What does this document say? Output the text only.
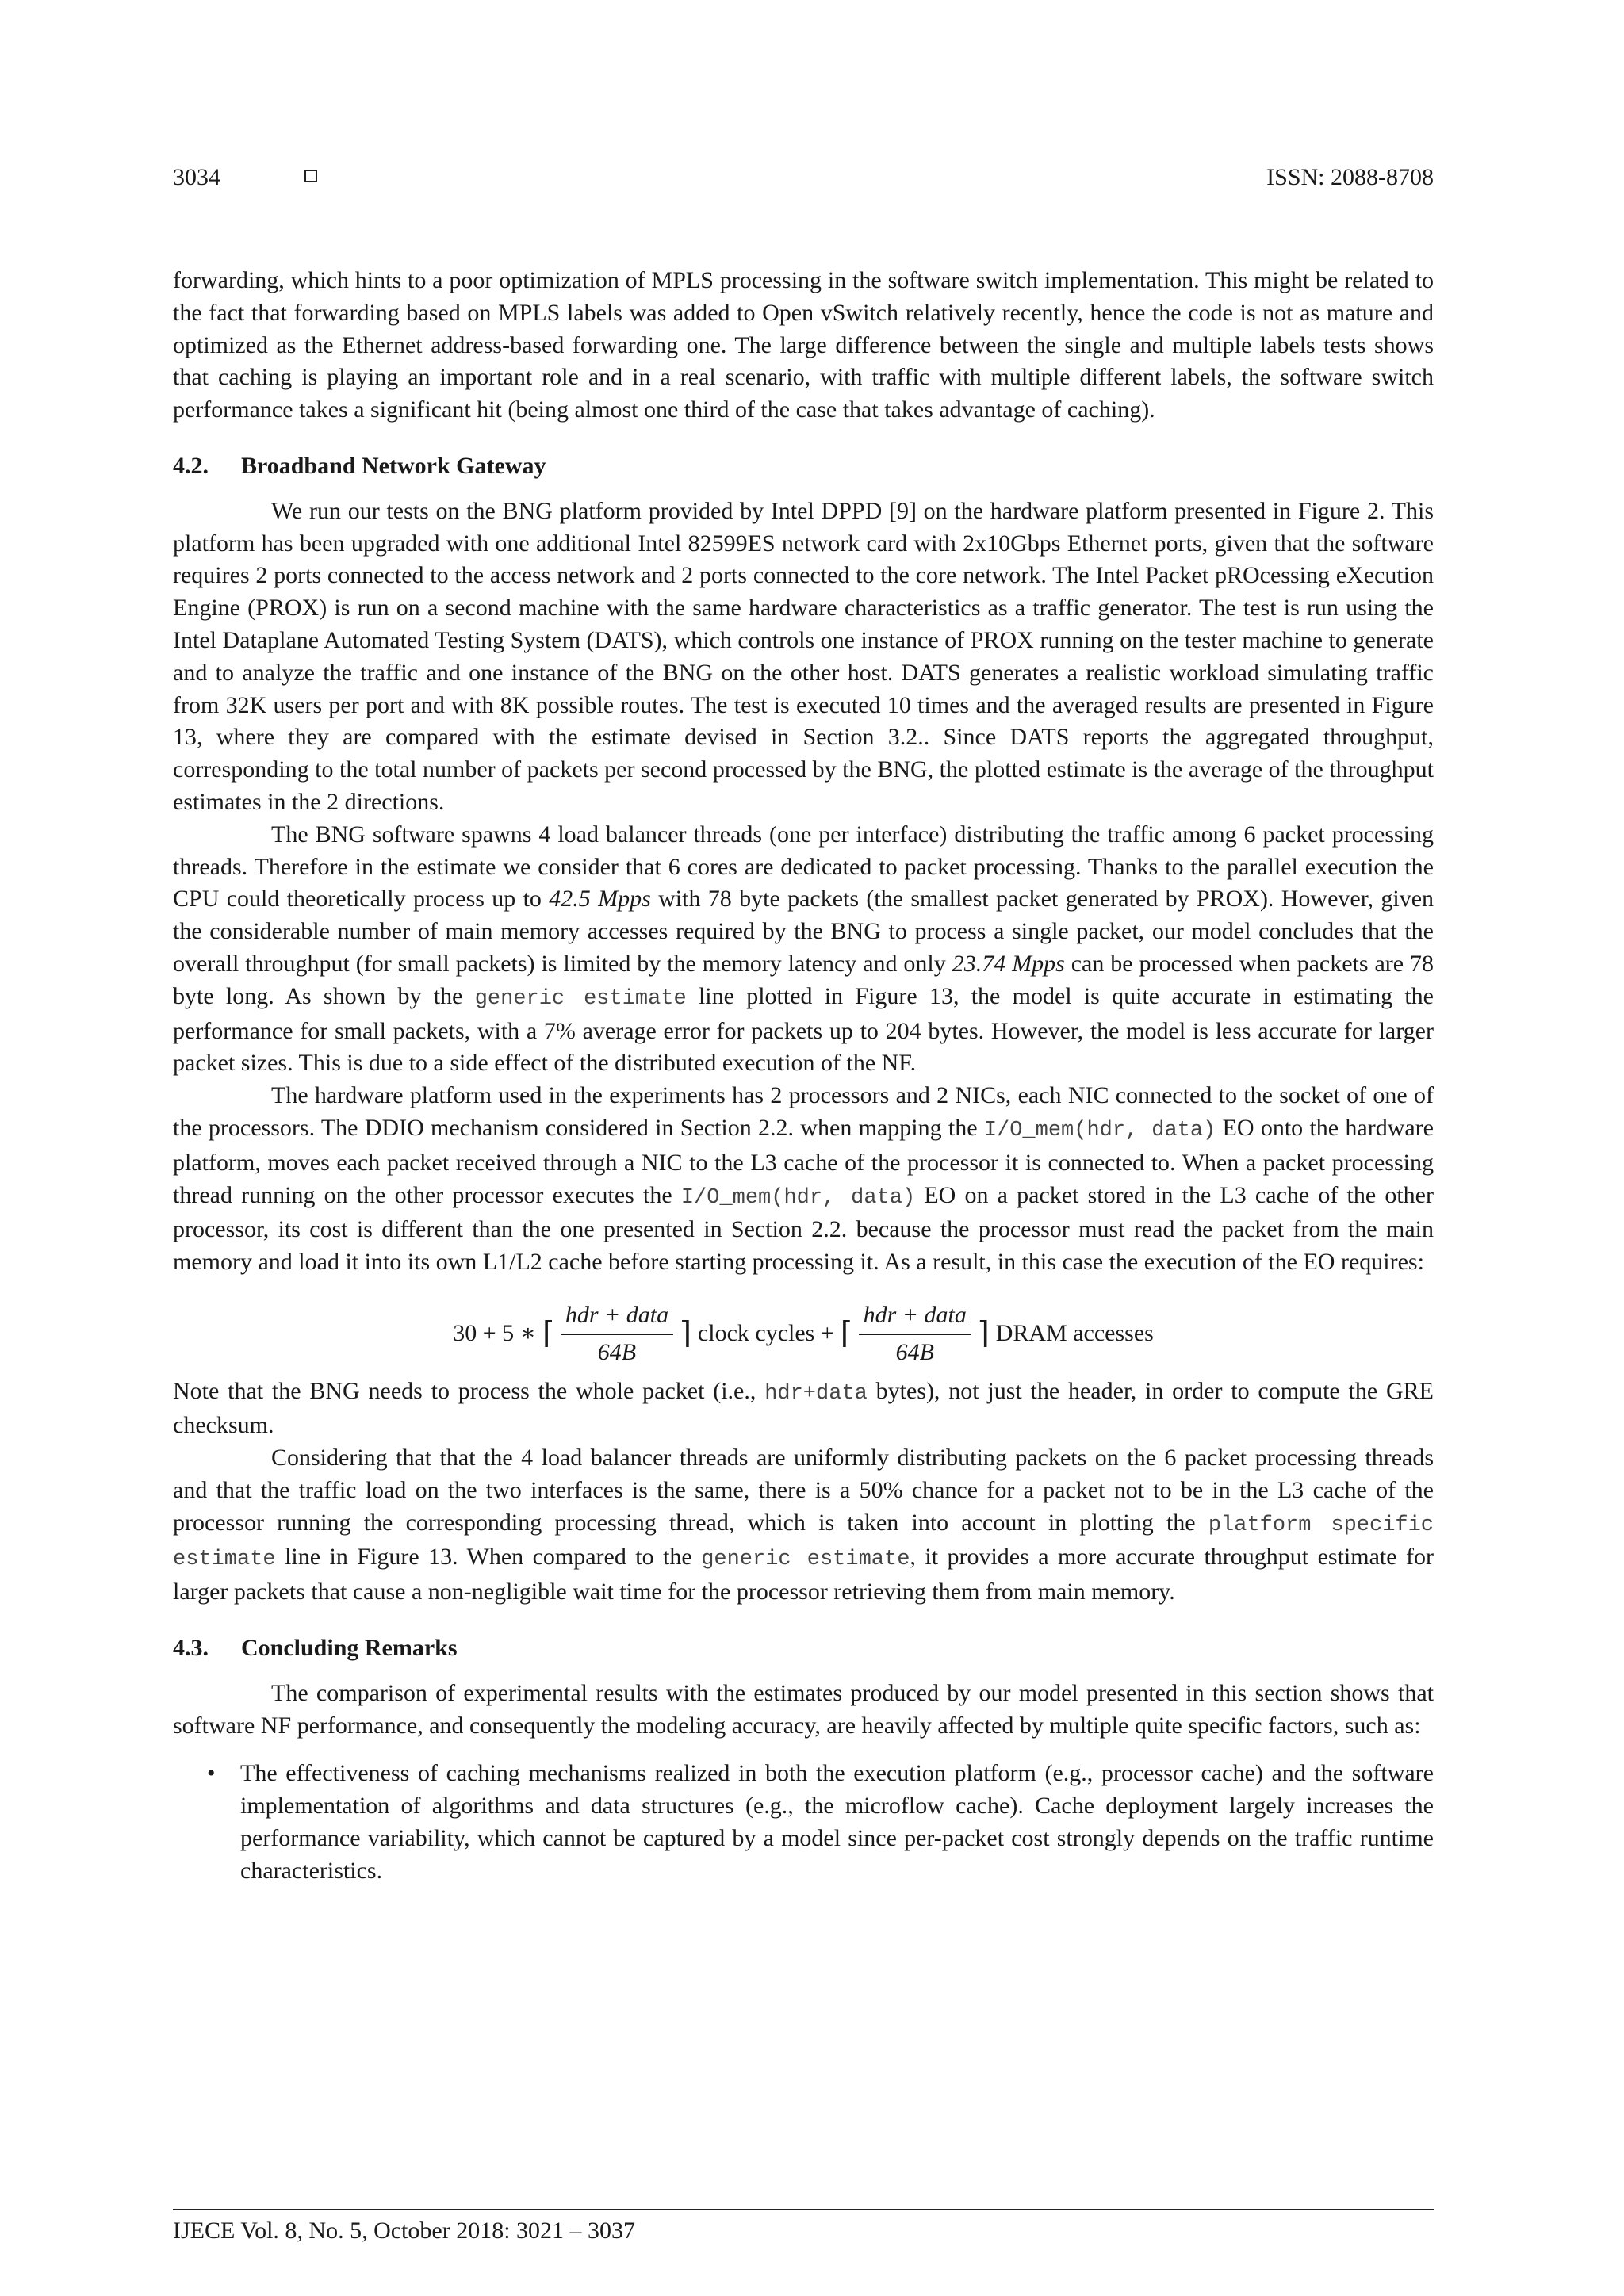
3034	ISSN: 2088-8708

forwarding, which hints to a poor optimization of MPLS processing in the software switch implementation. This might be related to the fact that forwarding based on MPLS labels was added to Open vSwitch relatively recently, hence the code is not as mature and optimized as the Ethernet address-based forwarding one. The large difference between the single and multiple labels tests shows that caching is playing an important role and in a real scenario, with traffic with multiple different labels, the software switch performance takes a significant hit (being almost one third of the case that takes advantage of caching).

4.2. Broadband Network Gateway

We run our tests on the BNG platform provided by Intel DPPD [9] on the hardware platform presented in Figure 2. This platform has been upgraded with one additional Intel 82599ES network card with 2x10Gbps Ethernet ports, given that the software requires 2 ports connected to the access network and 2 ports connected to the core network. The Intel Packet pROcessing eXecution Engine (PROX) is run on a second machine with the same hardware characteristics as a traffic generator. The test is run using the Intel Dataplane Automated Testing System (DATS), which controls one instance of PROX running on the tester machine to generate and to analyze the traffic and one instance of the BNG on the other host. DATS generates a realistic workload simulating traffic from 32K users per port and with 8K possible routes. The test is executed 10 times and the averaged results are presented in Figure 13, where they are compared with the estimate devised in Section 3.2.. Since DATS reports the aggregated throughput, corresponding to the total number of packets per second processed by the BNG, the plotted estimate is the average of the throughput estimates in the 2 directions.

The BNG software spawns 4 load balancer threads (one per interface) distributing the traffic among 6 packet processing threads. Therefore in the estimate we consider that 6 cores are dedicated to packet processing. Thanks to the parallel execution the CPU could theoretically process up to 42.5 Mpps with 78 byte packets (the smallest packet generated by PROX). However, given the considerable number of main memory accesses required by the BNG to process a single packet, our model concludes that the overall throughput (for small packets) is limited by the memory latency and only 23.74 Mpps can be processed when packets are 78 byte long. As shown by the generic estimate line plotted in Figure 13, the model is quite accurate in estimating the performance for small packets, with a 7% average error for packets up to 204 bytes. However, the model is less accurate for larger packet sizes. This is due to a side effect of the distributed execution of the NF.

The hardware platform used in the experiments has 2 processors and 2 NICs, each NIC connected to the socket of one of the processors. The DDIO mechanism considered in Section 2.2. when mapping the I/O_mem(hdr, data) EO onto the hardware platform, moves each packet received through a NIC to the L3 cache of the processor it is connected to. When a packet processing thread running on the other processor executes the I/O_mem(hdr, data) EO on a packet stored in the L3 cache of the other processor, its cost is different than the one presented in Section 2.2. because the processor must read the packet from the main memory and load it into its own L1/L2 cache before starting processing it. As a result, in this case the execution of the EO requires:

30 + 5 ∗ ⌈ $\frac{\text{hdr + data}}{64B}$ ⌉ clock cycles + ⌈ $\frac{\text{hdr + data}}{64B}$ ⌉ DRAM accesses

Note that the BNG needs to process the whole packet (i.e., hdr+data bytes), not just the header, in order to compute the GRE checksum.

Considering that that the 4 load balancer threads are uniformly distributing packets on the 6 packet processing threads and that the traffic load on the two interfaces is the same, there is a 50% chance for a packet not to be in the L3 cache of the processor running the corresponding processing thread, which is taken into account in plotting the platform specific estimate line in Figure 13. When compared to the generic estimate, it provides a more accurate throughput estimate for larger packets that cause a non-negligible wait time for the processor retrieving them from main memory.

4.3. Concluding Remarks

The comparison of experimental results with the estimates produced by our model presented in this section shows that software NF performance, and consequently the modeling accuracy, are heavily affected by multiple quite specific factors, such as:

• The effectiveness of caching mechanisms realized in both the execution platform (e.g., processor cache) and the software implementation of algorithms and data structures (e.g., the microflow cache). Cache deployment largely increases the performance variability, which cannot be captured by a model since per-packet cost strongly depends on the traffic runtime characteristics.
IJECE Vol. 8, No. 5, October 2018: 3021 – 3037
